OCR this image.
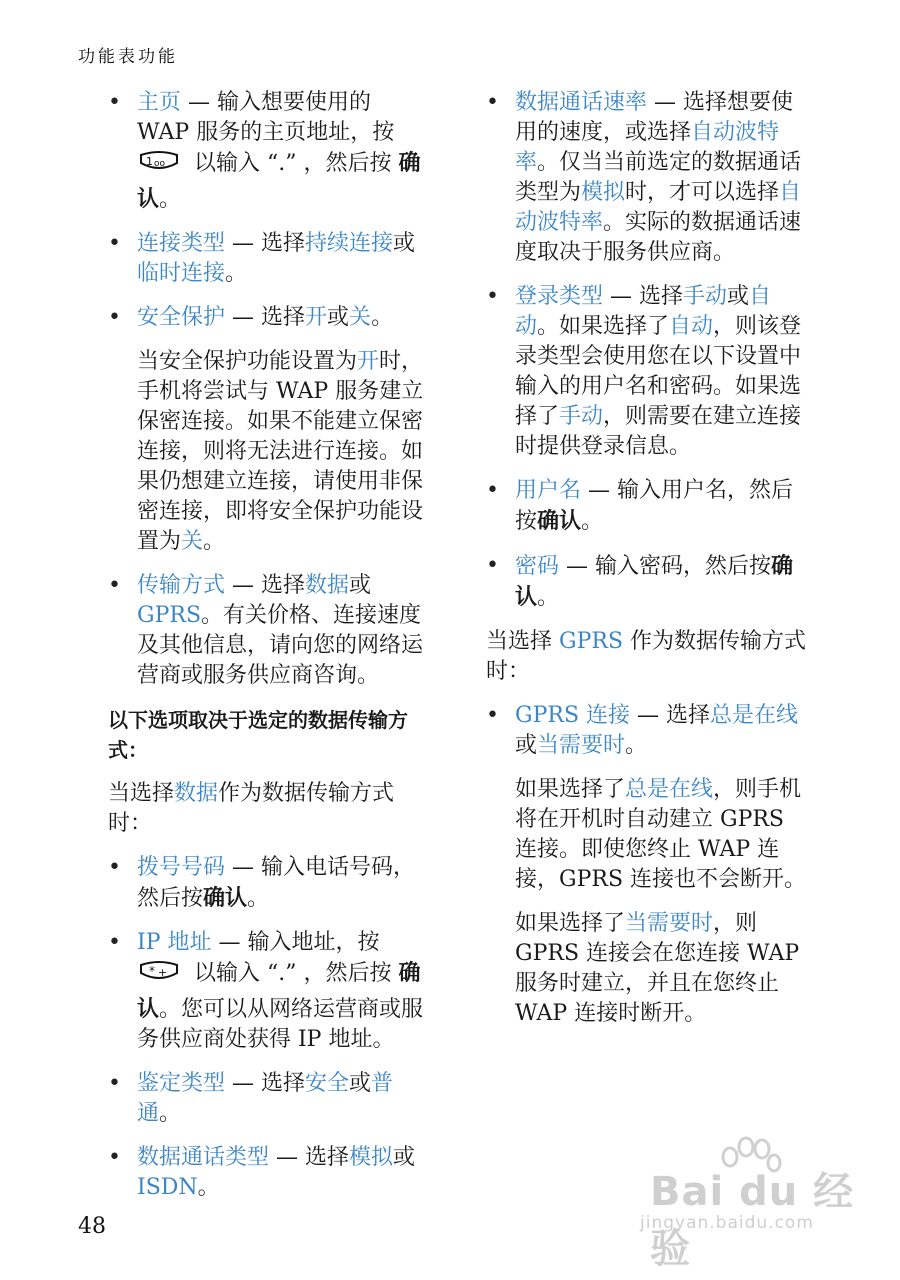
功能表功能
• 主页 — 输入想要使用的 WAP 服务的主页地址，按
1 oo 以输入 “.” ，然后按 确认。
• 连接类型 — 选择持续连接或临时连接。
• 安全保护 — 选择开或关。
当安全保护功能设置为开时，手机将尝试与 WAP 服务建立保密连接。如果不能建立保密连接，则将无法进行连接。如果仍想建立连接，请使用非保密连接，即将安全保护功能设置为关。
• 传输方式 — 选择数据或 GPRS。有关价格、连接速度及其他信息，请向您的网络运营商或服务供应商咨询。
以下选项取决于选定的数据传输方式：
当选择数据作为数据传输方式时：
• 拨号号码 — 输入电话号码，然后按确认。
• IP 地址 — 输入地址，按
* + 以输入 “.” ，然后按 确认。您可以从网络运营商或服务供应商处获得 IP 地址。
• 鉴定类型 — 选择安全或普通。
• 数据通话类型 — 选择模拟或 ISDN。
• 数据通话速率 — 选择想要使用的速度，或选择自动波特率。仅当当前选定的数据通话类型为模拟时，才可以选择自动波特率。实际的数据通话速度取决于服务供应商。
• 登录类型 — 选择手动或自动。如果选择了自动，则该登录类型会使用您在以下设置中输入的用户名和密码。如果选择了手动，则需要在建立连接时提供登录信息。
• 用户名 — 输入用户名，然后按确认。
• 密码 — 输入密码，然后按确认。
当选择 GPRS 作为数据传输方式时：
• GPRS 连接 — 选择总是在线或当需要时。
如果选择了总是在线，则手机将在开机时自动建立 GPRS 连接。即使您终止 WAP 连接，GPRS 连接也不会断开。
如果选择了当需要时，则 GPRS 连接会在您连接 WAP 服务时建立，并且在您终止 WAP 连接时断开。
48
Bai du 经验
jingyan.baidu.com
